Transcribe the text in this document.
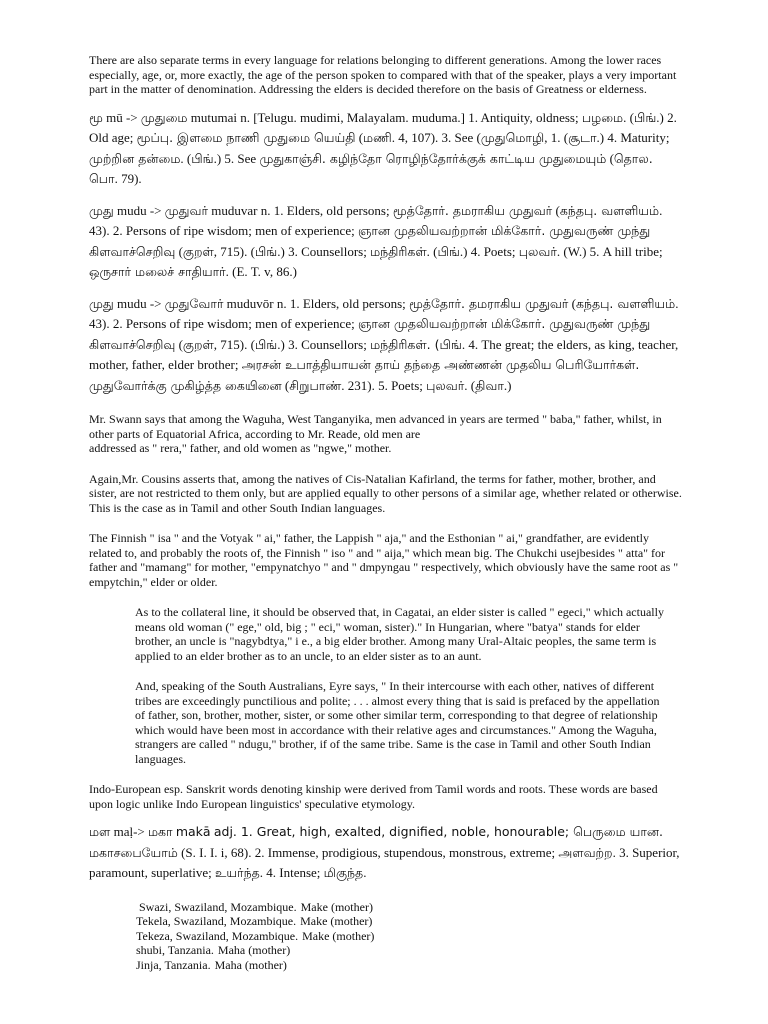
There are also separate terms in every language for relations belonging to different generations. Among the lower races especially, age, or, more exactly, the age of the person spoken to compared with that of the speaker, plays a very important part in the matter of denomination. Addressing the elders is decided therefore on the basis of Greatness or elderness.

மூ mū -> முதுமை mutumai n. [Telugu. mudimi, Malayalam. muduma.] 1. Antiquity, oldness; பழமை. (பிங்.) 2. Old age; மூப்பு. இளமை நாணி முதுமை யெய்தி (மணி. 4, 107). 3. See (முதுமொழி, 1. (சூடா.) 4. Maturity; முற்றின தன்மை. (பிங்.) 5. See முதுகாஞ்சி. கழிந்தோ ரொழிந்தோர்க்குக் காட்டிய முதுமையும் (தொல. பொ. 79).

முது mudu -> முதுவர் muduvar n. 1. Elders, old persons; மூத்தோர். தமராகிய முதுவர் (கந்தபு. வளளியம். 43). 2. Persons of ripe wisdom; men of experience; ஞான முதலியவற்றான் மிக்கோர். முதுவருண் முந்து கிளவாச்செறிவு (குறள், 715). (பிங்.) 3. Counsellors; மந்திரிகள். (பிங்.) 4. Poets; புலவர். (W.) 5. A hill tribe; ஒருசார் மலைச் சாதியார். (E. T. v, 86.)

முது mudu -> முதுவோர் muduvōr n. 1. Elders, old persons; மூத்தோர். தமராகிய முதுவர் (கந்தபு. வளளியம். 43). 2. Persons of ripe wisdom; men of experience; ஞான முதலியவற்றான் மிக்கோர். முதுவருண் முந்து கிளவாச்செறிவு (குறள், 715). (பிங்.) 3. Counsellors; மந்திரிகள். (பிங். 4. The great; the elders, as king, teacher, mother, father, elder brother; அரசன் உபாத்தியாயன் தாய் தந்தை அண்ணன் முதலிய பெரியோர்கள். முதுவோர்க்கு முகிழ்த்த கையினை (சிறுபாண். 231). 5. Poets; புலவர். (திவா.)

Mr. Swann says that among the Waguha, West Tanganyika, men advanced in years are termed " baba," father, whilst, in other parts of Equatorial Africa, according to Mr. Reade, old men are

addressed as " rera," father, and old women as "ngwe," mother.

Again,Mr. Cousins asserts that, among the natives of Cis-Natalian Kafirland, the terms for father, mother, brother, and sister, are not restricted to them only, but are applied equally to other persons of a similar age, whether related or otherwise. This is the case as in Tamil and other South Indian languages.

The Finnish " isa " and the Votyak " ai," father, the Lappish " aja," and the Esthonian " ai," grandfather, are evidently related to, and probably the roots of, the Finnish " iso " and " aija," which mean big. The Chukchi usejbesides " atta" for father and "mamang" for mother, "empynatchyo " and " dmpyngau " respectively, which obviously have the same root as " empytchin," elder or older.

As to the collateral line, it should be observed that, in Cagatai, an elder sister is called " egeci," which actually means old woman (" ege," old, big ; " eci," woman, sister)." In Hungarian, where "batya" stands for elder brother, an uncle is "nagybdtya," i e., a big elder brother. Among many Ural-Altaic peoples, the same term is applied to an elder brother as to an uncle, to an elder sister as to an aunt.

And, speaking of the South Australians, Eyre says, " In their intercourse with each other, natives of different tribes are exceedingly punctilious and polite; . . . almost every thing that is said is prefaced by the appellation of father, son, brother, mother, sister, or some other similar term, corresponding to that degree of relationship which would have been most in accordance with their relative ages and circumstances." Among the Waguha, strangers are called " ndugu," brother, if of the same tribe. Same is the case in Tamil and other South Indian languages.

Indo-European esp. Sanskrit words denoting kinship were derived from Tamil words and roots. These words are based upon logic unlike Indo European linguistics' speculative etymology.

மள maḷ-> மகா makā adj. 1. Great, high, exalted, dignified, noble, honourable; பெருமை யான. மகாசபையோம் (S. I. I. i, 68). 2. Immense, prodigious, stupendous, monstrous, extreme; அளவற்ற. 3. Superior, paramount, superlative; உயர்ந்த. 4. Intense; மிகுந்த.

Swazi, Swaziland, Mozambique. Make (mother)
Tekela, Swaziland, Mozambique. Make (mother)
Tekeza, Swaziland, Mozambique. Make (mother)
shubi, Tanzania. Maha (mother)
Jinja, Tanzania. Maha (mother)
